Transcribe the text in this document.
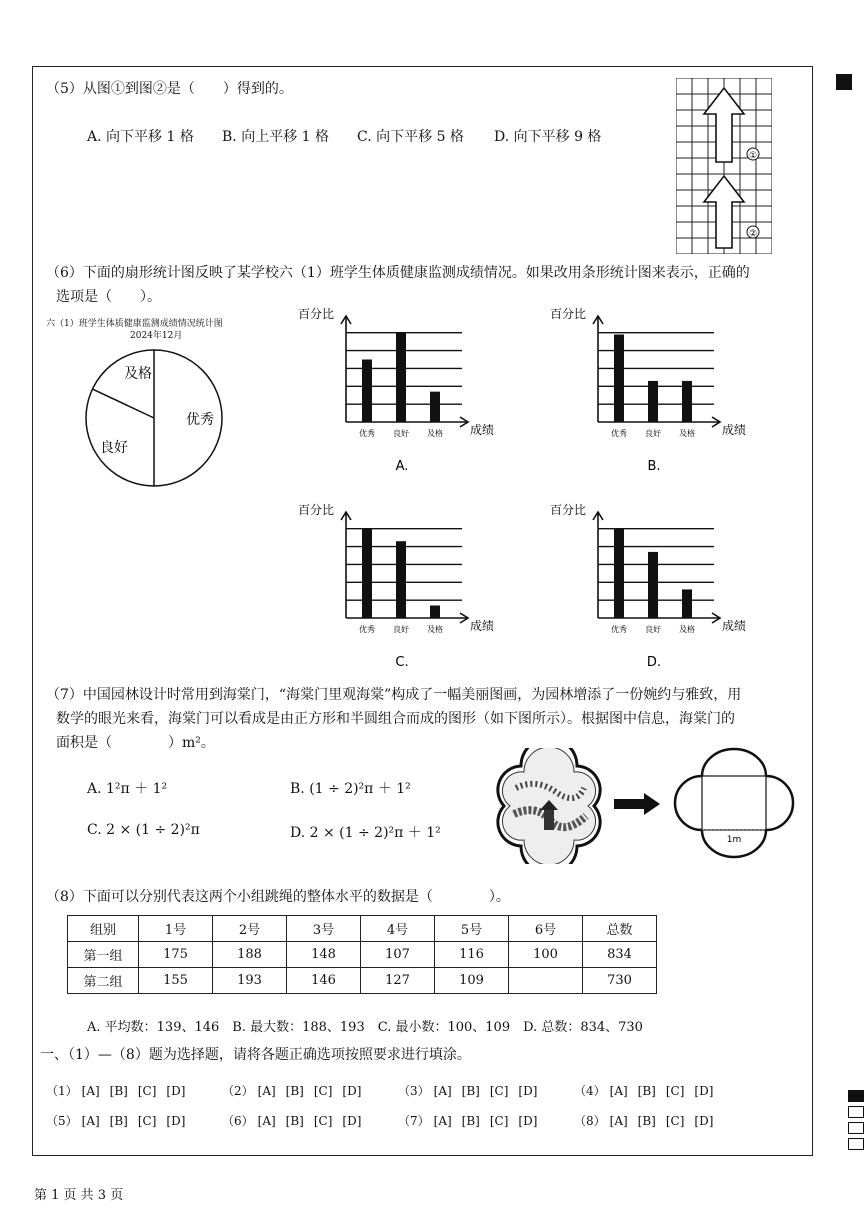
（5）从图①到图②是（　　）得到的。
A. 向下平移 1 格 B. 向上平移 1 格 C. 向下平移 5 格 D. 向下平移 9 格
①
②
（6）下面的扇形统计图反映了某学校六（1）班学生体质健康监测成绩情况。如果改用条形统计图来表示，正确的
选项是（　　）。
六（1）班学生体质健康监测成绩情况统计图
2024年12月
及格
良好
优秀
优秀 良好 及格
百分比
成绩
A.
优秀 良好 及格
百分比
成绩
B.
优秀 良好 及格
百分比
成绩
C.
优秀 良好 及格
百分比
成绩
D.
（7）中国园林设计时常用到海棠门，“海棠门里观海棠”构成了一幅美丽图画，为园林增添了一份婉约与雅致，用
数学的眼光来看，海棠门可以看成是由正方形和半圆组合而成的图形（如下图所示）。根据图中信息，海棠门的
面积是（　　　　）m²。
A. 1²π ＋ 1²	B. (1 ÷ 2)²π ＋ 1²
C. 2 × (1 ÷ 2)²π	D. 2 × (1 ÷ 2)²π ＋ 1²	1m
（8）下面可以分别代表这两个小组跳绳的整体水平的数据是（　　　　）。
组别	1号	2号	3号	4号	5号	6号	总数
第一组	175	188	148	107	116	100	834
第二组	155	193	146	127	109		730
A. 平均数：139、146　B. 最大数：188、193　C. 最小数：100、109　D. 总数：834、730
一、（1）—（8）题为选择题，请将各题正确选项按照要求进行填涂。
（1） [A] [B] [C] [D]	（2） [A] [B] [C] [D]	（3） [A] [B] [C] [D]	（4） [A] [B] [C] [D]
（5） [A] [B] [C] [D]	（6） [A] [B] [C] [D]	（7） [A] [B] [C] [D]	（8） [A] [B] [C] [D]
第 1 页 共 3 页
